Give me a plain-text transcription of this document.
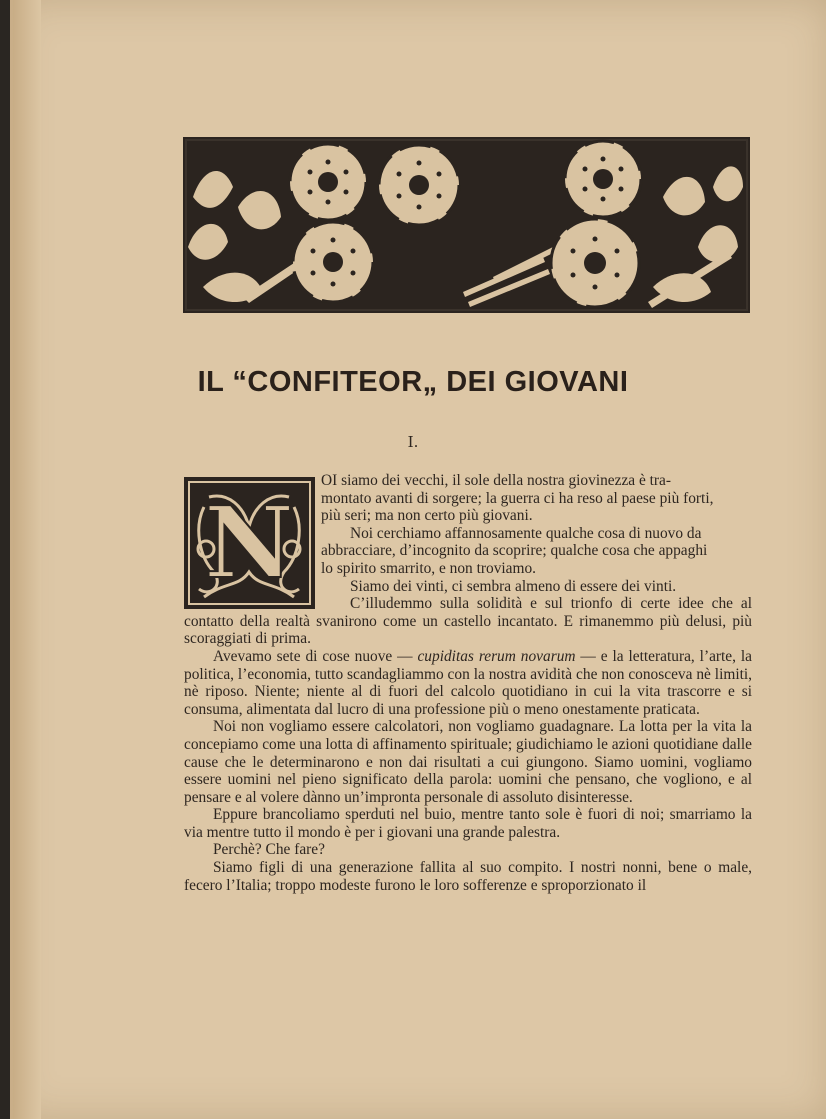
IL “CONFITEOR„ DEI GIOVANI
I.
N

OI siamo dei vecchi, il sole della nostra giovinezza è tra-

montato avanti di sorgere; la guerra ci ha reso al paese più forti,

più seri; ma non certo più giovani.

Noi cerchiamo affannosamente qualche cosa di nuovo da

abbracciare, d’incognito da scoprire; qualche cosa che appaghi

lo spirito smarrito, e non troviamo.

Siamo dei vinti, ci sembra almeno di essere dei vinti.

C’illudemmo sulla solidità e sul trionfo di certe idee che al contatto della realtà svanirono come un castello incantato. E rimanemmo più delusi, più scoraggiati di prima.

Avevamo sete di cose nuove — cupiditas rerum novarum — e la letteratura, l’arte, la politica, l’economia, tutto scandagliammo con la nostra avidità che non conosceva nè limiti, nè riposo. Niente; niente al di fuori del calcolo quotidiano in cui la vita trascorre e si consuma, alimentata dal lucro di una professione più o meno onestamente praticata.

Noi non vogliamo essere calcolatori, non vogliamo guadagnare. La lotta per la vita la concepiamo come una lotta di affinamento spirituale; giudichiamo le azioni quotidiane dalle cause che le determinarono e non dai risultati a cui giungono. Siamo uomini, vogliamo essere uomini nel pieno significato della parola: uomini che pensano, che vogliono, e al pensare e al volere dànno un’impronta personale di assoluto disinteresse.

Eppure brancoliamo sperduti nel buio, mentre tanto sole è fuori di noi; smarriamo la via mentre tutto il mondo è per i giovani una grande palestra.

Perchè? Che fare?

Siamo figli di una generazione fallita al suo compito. I nostri nonni, bene o male, fecero l’Italia; troppo modeste furono le loro sofferenze e sproporzionato il
